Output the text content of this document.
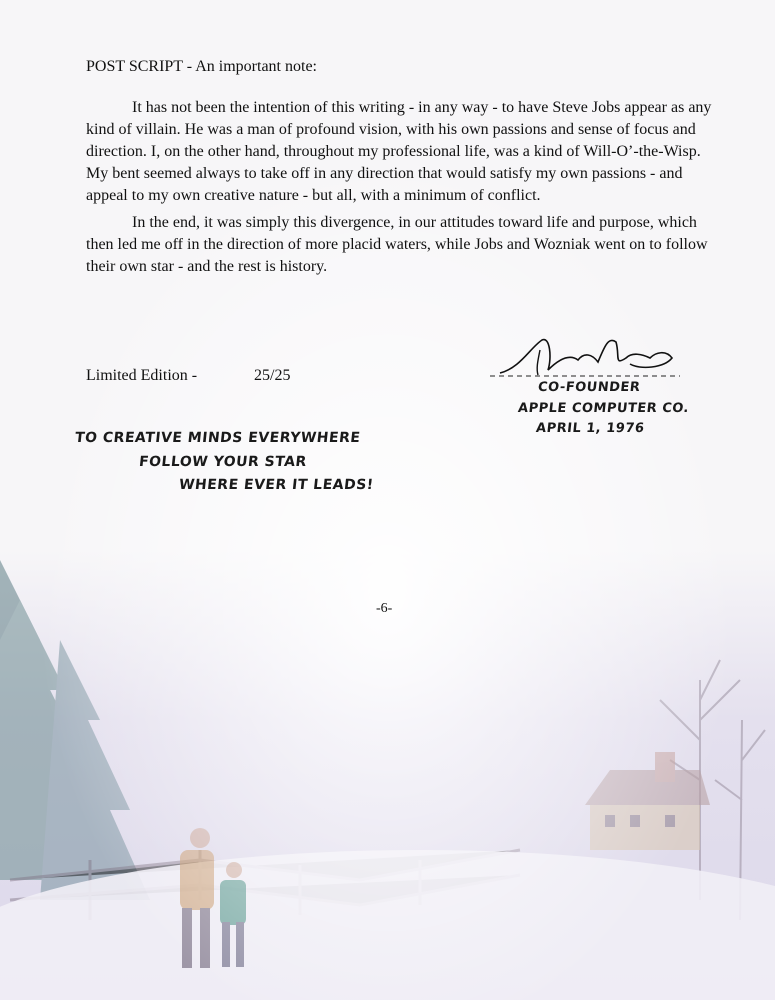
POST SCRIPT - An important note:

It has not been the intention of this writing - in any way - to have Steve Jobs appear as any kind of villain. He was a man of profound vision, with his own passions and sense of focus and direction. I, on the other hand, throughout my professional life, was a kind of Will-O’-the-Wisp. My bent seemed always to take off in any direction that would satisfy my own passions - and appeal to my own creative nature - but all, with a minimum of conflict.

In the end, it was simply this divergence, in our attitudes toward life and purpose, which then led me off in the direction of more placid waters, while Jobs and Wozniak went on to follow their own star - and the rest is history.

Limited Edition -	25/25
CO-FOUNDER
APPLE COMPUTER CO.
APRIL 1, 1976
TO CREATIVE MINDS EVERYWHERE
FOLLOW YOUR STAR
WHERE EVER IT LEADS!
-6-
